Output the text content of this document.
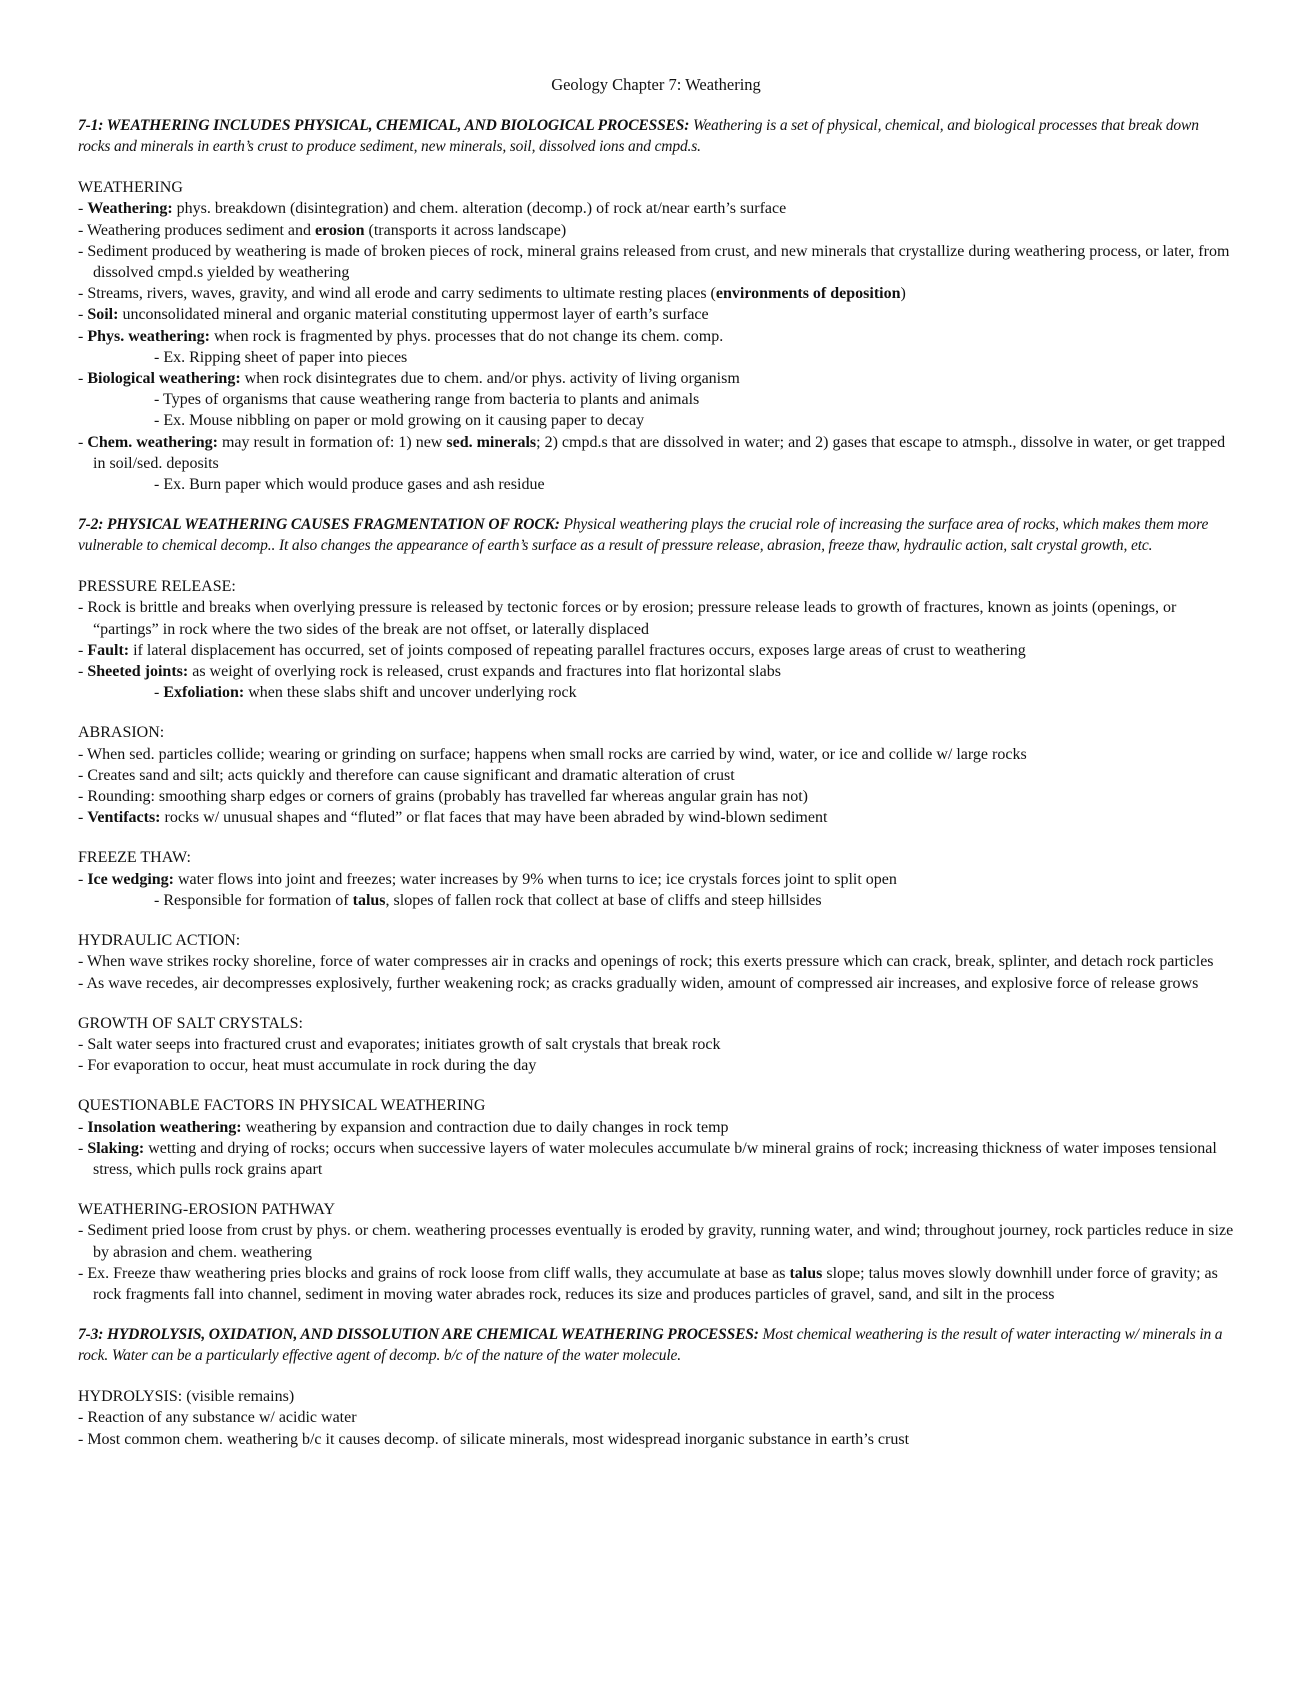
Geology Chapter 7: Weathering

7-1: WEATHERING INCLUDES PHYSICAL, CHEMICAL, AND BIOLOGICAL PROCESSES: Weathering is a set of physical, chemical, and biological processes that break down rocks and minerals in earth’s crust to produce sediment, new minerals, soil, dissolved ions and cmpd.s.

WEATHERING

- Weathering: phys. breakdown (disintegration) and chem. alteration (decomp.) of rock at/near earth’s surface

- Weathering produces sediment and erosion (transports it across landscape)

- Sediment produced by weathering is made of broken pieces of rock, mineral grains released from crust, and new minerals that crystallize during weathering process, or later, from dissolved cmpd.s yielded by weathering

- Streams, rivers, waves, gravity, and wind all erode and carry sediments to ultimate resting places (environments of deposition)

- Soil: unconsolidated mineral and organic material constituting uppermost layer of earth’s surface

- Phys. weathering: when rock is fragmented by phys. processes that do not change its chem. comp.

- Ex. Ripping sheet of paper into pieces

- Biological weathering: when rock disintegrates due to chem. and/or phys. activity of living organism

- Types of organisms that cause weathering range from bacteria to plants and animals

- Ex. Mouse nibbling on paper or mold growing on it causing paper to decay

- Chem. weathering: may result in formation of: 1) new sed. minerals; 2) cmpd.s that are dissolved in water; and 2) gases that escape to atmsph., dissolve in water, or get trapped in soil/sed. deposits

- Ex. Burn paper which would produce gases and ash residue

7-2: PHYSICAL WEATHERING CAUSES FRAGMENTATION OF ROCK: Physical weathering plays the crucial role of increasing the surface area of rocks, which makes them more vulnerable to chemical decomp.. It also changes the appearance of earth’s surface as a result of pressure release, abrasion, freeze thaw, hydraulic action, salt crystal growth, etc.

PRESSURE RELEASE:

- Rock is brittle and breaks when overlying pressure is released by tectonic forces or by erosion; pressure release leads to growth of fractures, known as joints (openings, or “partings” in rock where the two sides of the break are not offset, or laterally displaced

- Fault: if lateral displacement has occurred, set of joints composed of repeating parallel fractures occurs, exposes large areas of crust to weathering

- Sheeted joints: as weight of overlying rock is released, crust expands and fractures into flat horizontal slabs

- Exfoliation: when these slabs shift and uncover underlying rock

ABRASION:

- When sed. particles collide; wearing or grinding on surface; happens when small rocks are carried by wind, water, or ice and collide w/ large rocks

- Creates sand and silt; acts quickly and therefore can cause significant and dramatic alteration of crust

- Rounding: smoothing sharp edges or corners of grains (probably has travelled far whereas angular grain has not)

- Ventifacts: rocks w/ unusual shapes and “fluted” or flat faces that may have been abraded by wind-blown sediment

FREEZE THAW:

- Ice wedging: water flows into joint and freezes; water increases by 9% when turns to ice; ice crystals forces joint to split open

- Responsible for formation of talus, slopes of fallen rock that collect at base of cliffs and steep hillsides

HYDRAULIC ACTION:

- When wave strikes rocky shoreline, force of water compresses air in cracks and openings of rock; this exerts pressure which can crack, break, splinter, and detach rock particles

- As wave recedes, air decompresses explosively, further weakening rock; as cracks gradually widen, amount of compressed air increases, and explosive force of release grows

GROWTH OF SALT CRYSTALS:

- Salt water seeps into fractured crust and evaporates; initiates growth of salt crystals that break rock

- For evaporation to occur, heat must accumulate in rock during the day

QUESTIONABLE FACTORS IN PHYSICAL WEATHERING

- Insolation weathering: weathering by expansion and contraction due to daily changes in rock temp

- Slaking: wetting and drying of rocks; occurs when successive layers of water molecules accumulate b/w mineral grains of rock; increasing thickness of water imposes tensional stress, which pulls rock grains apart

WEATHERING-EROSION PATHWAY

- Sediment pried loose from crust by phys. or chem. weathering processes eventually is eroded by gravity, running water, and wind; throughout journey, rock particles reduce in size by abrasion and chem. weathering

- Ex. Freeze thaw weathering pries blocks and grains of rock loose from cliff walls, they accumulate at base as talus slope; talus moves slowly downhill under force of gravity; as rock fragments fall into channel, sediment in moving water abrades rock, reduces its size and produces particles of gravel, sand, and silt in the process

7-3: HYDROLYSIS, OXIDATION, AND DISSOLUTION ARE CHEMICAL WEATHERING PROCESSES: Most chemical weathering is the result of water interacting w/ minerals in a rock. Water can be a particularly effective agent of decomp. b/c of the nature of the water molecule.

HYDROLYSIS: (visible remains)

- Reaction of any substance w/ acidic water

- Most common chem. weathering b/c it causes decomp. of silicate minerals, most widespread inorganic substance in earth’s crust
